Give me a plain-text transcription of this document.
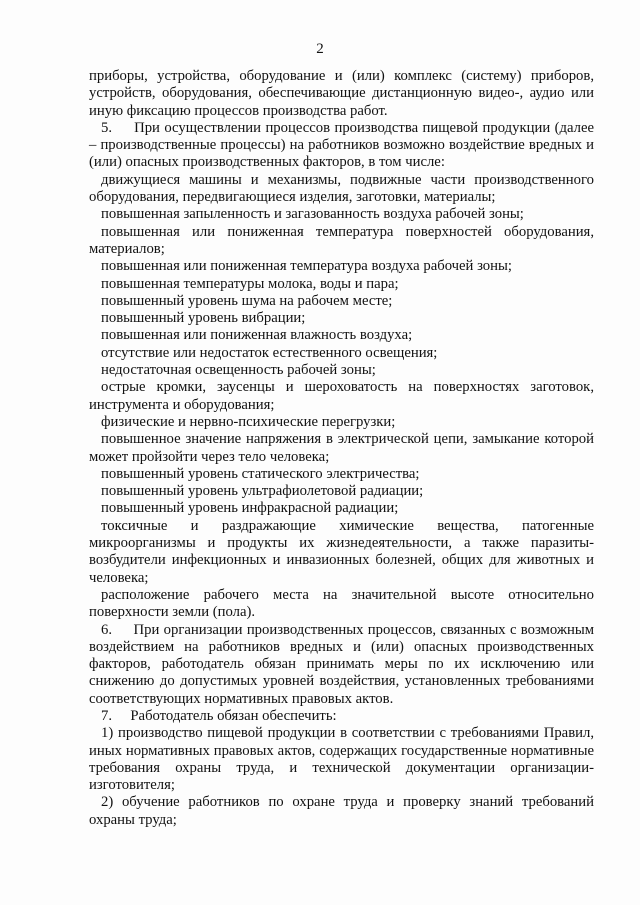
2

приборы, устройства, оборудование и (или) комплекс (систему) приборов, устройств, оборудования, обеспечивающие дистанционную видео-, аудио или иную фиксацию процессов производства работ.

5.     При осуществлении процессов производства пищевой продукции (далее – производственные процессы) на работников возможно воздействие вредных и (или) опасных производственных факторов, в том числе:

движущиеся машины и механизмы, подвижные части производственного оборудования, передвигающиеся изделия, заготовки, материалы;

повышенная запыленность и загазованность воздуха рабочей зоны;

повышенная или пониженная температура поверхностей оборудования, материалов;

повышенная или пониженная температура воздуха рабочей зоны;

повышенная температуры молока, воды и пара;

повышенный уровень шума на рабочем месте;

повышенный уровень вибрации;

повышенная или пониженная влажность воздуха;

отсутствие или недостаток естественного освещения;

недостаточная освещенность рабочей зоны;

острые кромки, заусенцы и шероховатость на поверхностях заготовок, инструмента и оборудования;

физические и нервно-психические перегрузки;

повышенное значение напряжения в электрической цепи, замыкание которой может пройзойти через тело человека;

повышенный уровень статического электричества;

повышенный уровень ультрафиолетовой радиации;

повышенный уровень инфракрасной радиации;

токсичные и раздражающие химические вещества, патогенные микроорганизмы и продукты их жизнедеятельности, а также паразиты-возбудители инфекционных и инвазионных болезней, общих для животных и человека;

расположение рабочего места на значительной высоте относительно поверхности земли (пола).

6.     При организации производственных процессов, связанных с возможным воздействием на работников вредных и (или) опасных производственных факторов, работодатель обязан принимать меры по их исключению или снижению до допустимых уровней воздействия, установленных требованиями соответствующих нормативных правовых актов.

7.     Работодатель обязан обеспечить:

1) производство пищевой продукции в соответствии с требованиями Правил, иных нормативных правовых актов, содержащих государственные нормативные требования охраны труда, и технической документации организации-изготовителя;

2) обучение работников по охране труда и проверку знаний требований охраны труда;
